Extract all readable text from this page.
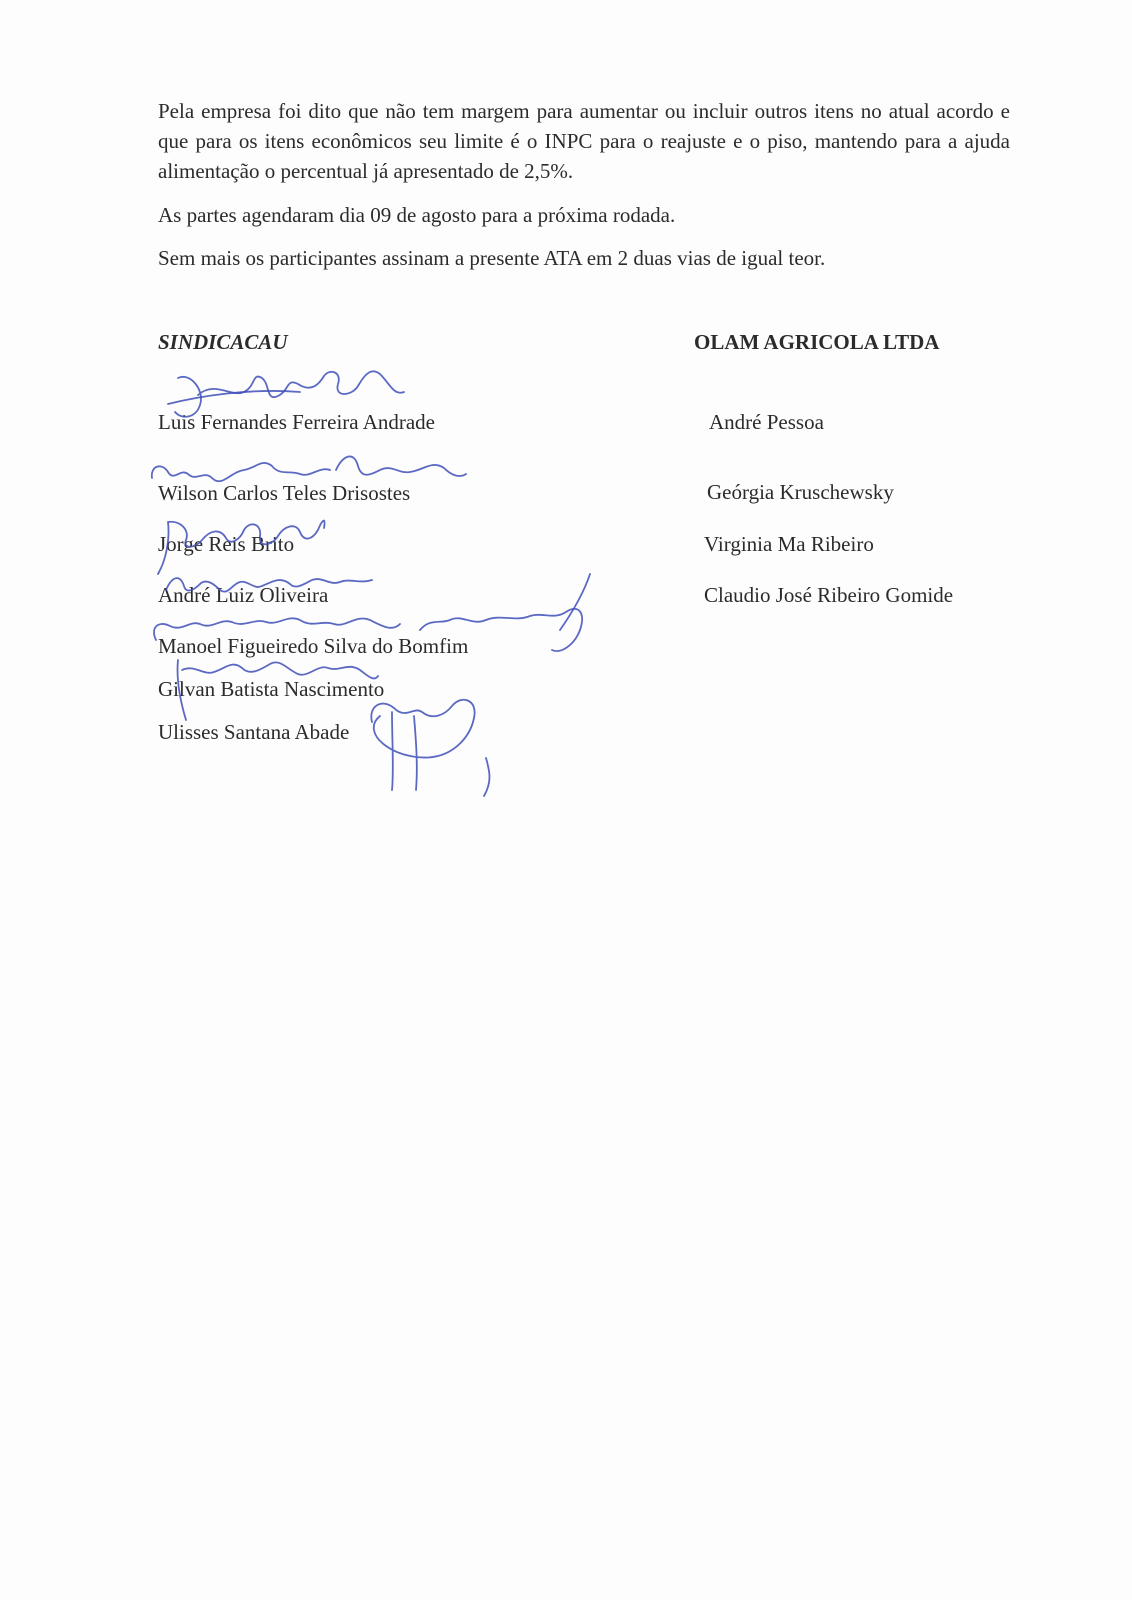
Pela empresa foi dito que não tem margem para aumentar ou incluir outros itens no atual acordo e que para os itens econômicos seu limite é o INPC para o reajuste e o piso, mantendo para a ajuda alimentação o percentual já apresentado de 2,5%.

As partes agendaram dia 09 de agosto para a próxima rodada.

Sem mais os participantes assinam a presente ATA em 2 duas vias de igual teor.

SINDICACAU	OLAM AGRICOLA LTDA

Luis Fernandes Ferreira Andrade

Wilson Carlos Teles Drisostes

Jorge Reis Brito

André Luiz Oliveira

Manoel Figueiredo Silva do Bomfim

Gilvan Batista Nascimento

Ulisses Santana Abade

André Pessoa

Geórgia Kruschewsky

Virginia Ma Ribeiro

Claudio José Ribeiro Gomide
